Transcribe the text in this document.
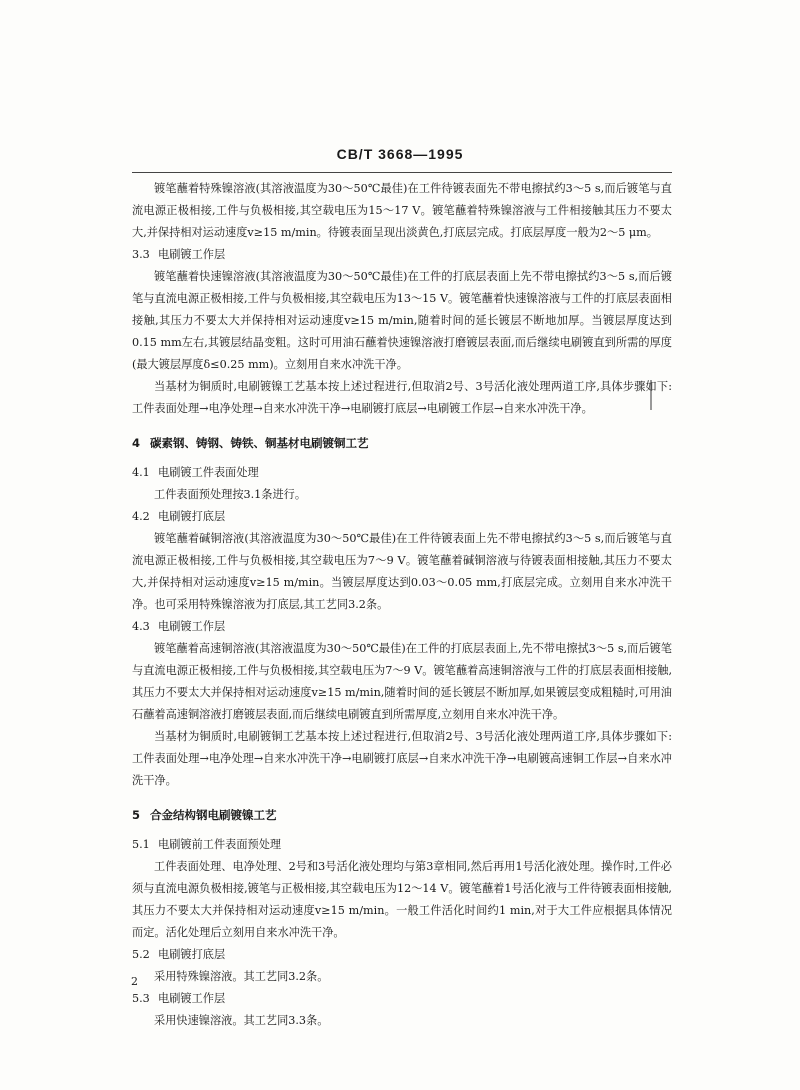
CB/T 3668—1995

镀笔蘸着特殊镍溶液(其溶液温度为30～50℃最佳)在工件待镀表面先不带电擦拭约3～5 s,而后镀笔与直流电源正极相接,工件与负极相接,其空载电压为15～17 V。镀笔蘸着特殊镍溶液与工件相接触其压力不要太大,并保持相对运动速度v≥15 m/min。待镀表面呈现出淡黄色,打底层完成。打底层厚度一般为2～5 μm。

3.3 电刷镀工作层

镀笔蘸着快速镍溶液(其溶液温度为30～50℃最佳)在工件的打底层表面上先不带电擦拭约3～5 s,而后镀笔与直流电源正极相接,工件与负极相接,其空载电压为13～15 V。镀笔蘸着快速镍溶液与工件的打底层表面相接触,其压力不要太大并保持相对运动速度v≥15 m/min,随着时间的延长镀层不断地加厚。当镀层厚度达到0.15 mm左右,其镀层结晶变粗。这时可用油石蘸着快速镍溶液打磨镀层表面,而后继续电刷镀直到所需的厚度(最大镀层厚度δ≤0.25 mm)。立刻用自来水冲洗干净。

当基材为铜质时,电刷镀镍工艺基本按上述过程进行,但取消2号、3号活化液处理两道工序,具体步骤如下:工件表面处理→电净处理→自来水冲洗干净→电刷镀打底层→电刷镀工作层→自来水冲洗干净。

4 碳素钢、铸钢、铸铁、铜基材电刷镀铜工艺

4.1 电刷镀工件表面处理

工件表面预处理按3.1条进行。

4.2 电刷镀打底层

镀笔蘸着碱铜溶液(其溶液温度为30～50℃最佳)在工件待镀表面上先不带电擦拭约3～5 s,而后镀笔与直流电源正极相接,工件与负极相接,其空载电压为7～9 V。镀笔蘸着碱铜溶液与待镀表面相接触,其压力不要太大,并保持相对运动速度v≥15 m/min。当镀层厚度达到0.03～0.05 mm,打底层完成。立刻用自来水冲洗干净。也可采用特殊镍溶液为打底层,其工艺同3.2条。

4.3 电刷镀工作层

镀笔蘸着高速铜溶液(其溶液温度为30～50℃最佳)在工件的打底层表面上,先不带电擦拭3～5 s,而后镀笔与直流电源正极相接,工件与负极相接,其空载电压为7～9 V。镀笔蘸着高速铜溶液与工件的打底层表面相接触,其压力不要太大并保持相对运动速度v≥15 m/min,随着时间的延长镀层不断加厚,如果镀层变成粗糙时,可用油石蘸着高速铜溶液打磨镀层表面,而后继续电刷镀直到所需厚度,立刻用自来水冲洗干净。

当基材为铜质时,电刷镀铜工艺基本按上述过程进行,但取消2号、3号活化液处理两道工序,具体步骤如下:工件表面处理→电净处理→自来水冲洗干净→电刷镀打底层→自来水冲洗干净→电刷镀高速铜工作层→自来水冲洗干净。

5 合金结构钢电刷镀镍工艺

5.1 电刷镀前工件表面预处理

工件表面处理、电净处理、2号和3号活化液处理均与第3章相同,然后再用1号活化液处理。操作时,工件必须与直流电源负极相接,镀笔与正极相接,其空载电压为12～14 V。镀笔蘸着1号活化液与工件待镀表面相接触,其压力不要太大并保持相对运动速度v≥15 m/min。一般工件活化时间约1 min,对于大工件应根据具体情况而定。活化处理后立刻用自来水冲洗干净。

5.2 电刷镀打底层

采用特殊镍溶液。其工艺同3.2条。

5.3 电刷镀工作层

采用快速镍溶液。其工艺同3.3条。

2
